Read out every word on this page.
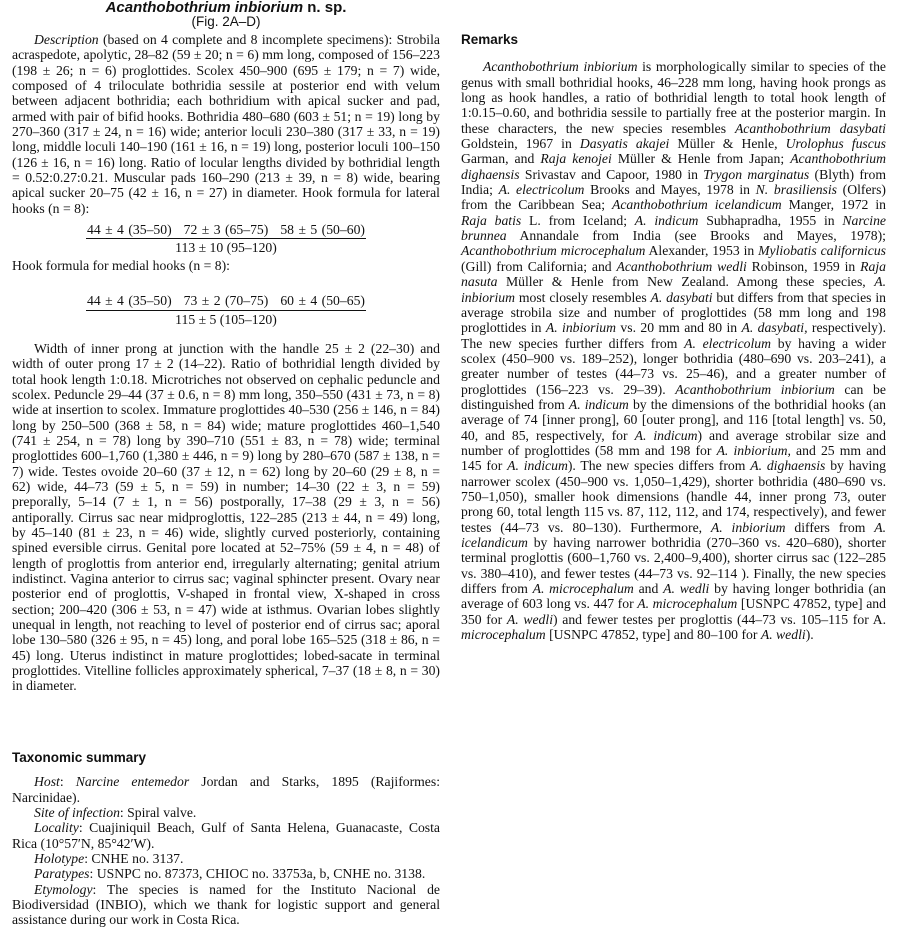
Acanthobothrium inbiorium n. sp.
(Fig. 2A–D)

Description (based on 4 complete and 8 incomplete specimens): Strobila acraspedote, apolytic, 28–82 (59 ± 20; n = 6) mm long, composed of 156–223 (198 ± 26; n = 6) proglottides. Scolex 450–900 (695 ± 179; n = 7) wide, composed of 4 triloculate bothridia sessile at posterior end with velum between adjacent bothridia; each bothridium with apical sucker and pad, armed with pair of bifid hooks. Bothridia 480–680 (603 ± 51; n = 19) long by 270–360 (317 ± 24, n = 16) wide; anterior loculi 230–380 (317 ± 33, n = 19) long, middle loculi 140–190 (161 ± 16, n = 19) long, posterior loculi 100–150 (126 ± 16, n = 16) long. Ratio of locular lengths divided by bothridial length = 0.52:0.27:0.21. Muscular pads 160–290 (213 ± 39, n = 8) wide, bearing apical sucker 20–75 (42 ± 16, n = 27) in diameter. Hook formula for lateral hooks (n = 8):

44 ± 4 (35–50) 72 ± 3 (65–75) 58 ± 5 (50–60)
113 ± 10 (95–120)

Hook formula for medial hooks (n = 8):

44 ± 4 (35–50) 73 ± 2 (70–75) 60 ± 4 (50–65)
115 ± 5 (105–120)

Width of inner prong at junction with the handle 25 ± 2 (22–30) and width of outer prong 17 ± 2 (14–22). Ratio of bothridial length divided by total hook length 1:0.18. Microtriches not observed on cephalic peduncle and scolex. Peduncle 29–44 (37 ± 0.6, n = 8) mm long, 350–550 (431 ± 73, n = 8) wide at insertion to scolex. Immature proglottides 40–530 (256 ± 146, n = 84) long by 250–500 (368 ± 58, n = 84) wide; mature proglottides 460–1,540 (741 ± 254, n = 78) long by 390–710 (551 ± 83, n = 78) wide; terminal proglottides 600–1,760 (1,380 ± 446, n = 9) long by 280–670 (587 ± 138, n = 7) wide. Testes ovoide 20–60 (37 ± 12, n = 62) long by 20–60 (29 ± 8, n = 62) wide, 44–73 (59 ± 5, n = 59) in number; 14–30 (22 ± 3, n = 59) preporally, 5–14 (7 ± 1, n = 56) postporally, 17–38 (29 ± 3, n = 56) antiporally. Cirrus sac near midproglottis, 122–285 (213 ± 44, n = 49) long, by 45–140 (81 ± 23, n = 46) wide, slightly curved posteriorly, containing spined eversible cirrus. Genital pore located at 52–75% (59 ± 4, n = 48) of length of proglottis from anterior end, irregularly alternating; genital atrium indistinct. Vagina anterior to cirrus sac; vaginal sphincter present. Ovary near posterior end of proglottis, V-shaped in frontal view, X-shaped in cross section; 200–420 (306 ± 53, n = 47) wide at isthmus. Ovarian lobes slightly unequal in length, not reaching to level of posterior end of cirrus sac; aporal lobe 130–580 (326 ± 95, n = 45) long, and poral lobe 165–525 (318 ± 86, n = 45) long. Uterus indistinct in mature proglottides; lobed-sacate in terminal proglottides. Vitelline follicles approximately spherical, 7–37 (18 ± 8, n = 30) in diameter.

Taxonomic summary

Host: Narcine entemedor Jordan and Starks, 1895 (Rajiformes: Narcinidae).

Site of infection: Spiral valve.

Locality: Cuajiniquil Beach, Gulf of Santa Helena, Guanacaste, Costa Rica (10°57′N, 85°42′W).

Holotype: CNHE no. 3137.

Paratypes: USNPC no. 87373, CHIOC no. 33753a, b, CNHE no. 3138.

Etymology: The species is named for the Instituto Nacional de Biodiversidad (INBIO), which we thank for logistic support and general assistance during our work in Costa Rica.

Remarks

Acanthobothrium inbiorium is morphologically similar to species of the genus with small bothridial hooks, 46–228 mm long, having hook prongs as long as hook handles, a ratio of bothridial length to total hook length of 1:0.15–0.60, and bothridia sessile to partially free at the posterior margin. In these characters, the new species resembles Acanthobothrium dasybati Goldstein, 1967 in Dasyatis akajei Müller & Henle, Urolophus fuscus Garman, and Raja kenojei Müller & Henle from Japan; Acanthobothrium dighaensis Srivastav and Capoor, 1980 in Trygon marginatus (Blyth) from India; A. electricolum Brooks and Mayes, 1978 in N. brasiliensis (Olfers) from the Caribbean Sea; Acanthobothrium icelandicum Manger, 1972 in Raja batis L. from Iceland; A. indicum Subhapradha, 1955 in Narcine brunnea Annandale from India (see Brooks and Mayes, 1978); Acanthobothrium microcephalum Alexander, 1953 in Myliobatis californicus (Gill) from California; and Acanthobothrium wedli Robinson, 1959 in Raja nasuta Müller & Henle from New Zealand. Among these species, A. inbiorium most closely resembles A. dasybati but differs from that species in average strobila size and number of proglottides (58 mm long and 198 proglottides in A. inbiorium vs. 20 mm and 80 in A. dasybati, respectively). The new species further differs from A. electricolum by having a wider scolex (450–900 vs. 189–252), longer bothridia (480–690 vs. 203–241), a greater number of testes (44–73 vs. 25–46), and a greater number of proglottides (156–223 vs. 29–39). Acanthobothrium inbiorium can be distinguished from A. indicum by the dimensions of the bothridial hooks (an average of 74 [inner prong], 60 [outer prong], and 116 [total length] vs. 50, 40, and 85, respectively, for A. indicum) and average strobilar size and number of proglottides (58 mm and 198 for A. inbiorium, and 25 mm and 145 for A. indicum). The new species differs from A. dighaensis by having narrower scolex (450–900 vs. 1,050–1,429), shorter bothridia (480–690 vs. 750–1,050), smaller hook dimensions (handle 44, inner prong 73, outer prong 60, total length 115 vs. 87, 112, 112, and 174, respectively), and fewer testes (44–73 vs. 80–130). Furthermore, A. inbiorium differs from A. icelandicum by having narrower bothridia (270–360 vs. 420–680), shorter terminal proglottis (600–1,760 vs. 2,400–9,400), shorter cirrus sac (122–285 vs. 380–410), and fewer testes (44–73 vs. 92–114 ). Finally, the new species differs from A. microcephalum and A. wedli by having longer bothridia (an average of 603 long vs. 447 for A. microcephalum [USNPC 47852, type] and 350 for A. wedli) and fewer testes per proglottis (44–73 vs. 105–115 for A. microcephalum [USNPC 47852, type] and 80–100 for A. wedli).
